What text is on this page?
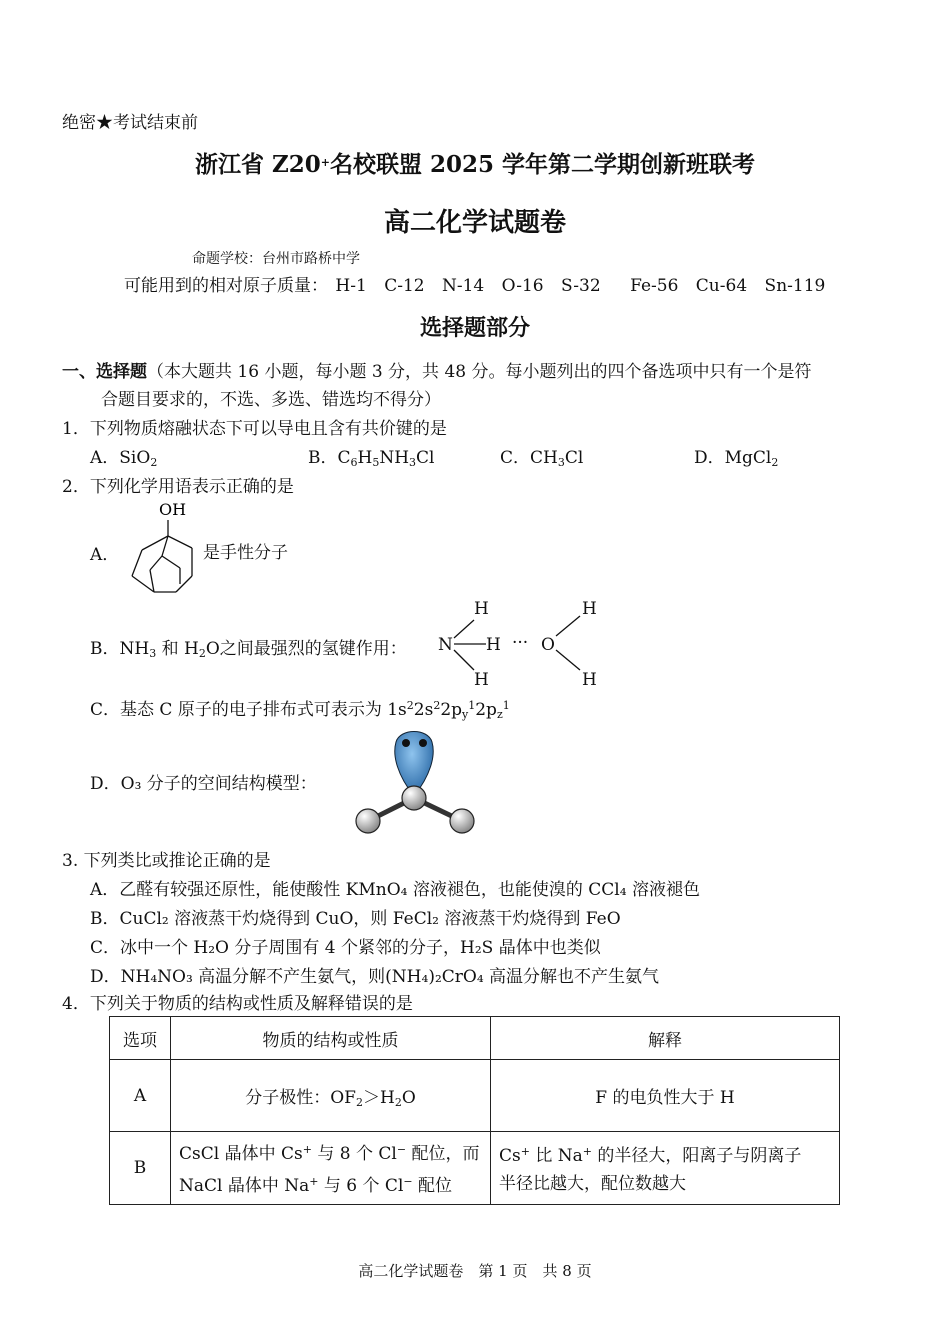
绝密★考试结束前
浙江省 Z20+名校联盟 2025 学年第二学期创新班联考
高二化学试题卷
命题学校：台州市路桥中学
可能用到的相对原子质量： H-1 C-12 N-14 O-16 S-32 Fe-56 Cu-64 Sn-119
选择题部分
一、选择题（本大题共 16 小题，每小题 3 分，共 48 分。每小题列出的四个备选项中只有一个是符
合题目要求的，不选、多选、错选均不得分）
1．下列物质熔融状态下可以导电且含有共价键的是
A．SiO$_2$	B．$C_6H_5NH_3Cl$	C．$CH_3Cl$	D．MgCl$_2$
2．下列化学用语表示正确的是
A．
OH
是手性分子
B．$NH_3$ 和 $H_2O$之间最强烈的氢键作用：
H
N H
H
··· O
H
H
C．基态 C 原子的电子排布式可表示为 $1s^22s^22p_y^12p_z^1$
D．O₃ 分子的空间结构模型：
3. 下列类比或推论正确的是
A．乙醛有较强还原性，能使酸性 KMnO₄ 溶液褪色，也能使溴的 CCl₄ 溶液褪色
B．CuCl₂ 溶液蒸干灼烧得到 CuO，则 FeCl₂ 溶液蒸干灼烧得到 FeO
C．冰中一个 H₂O 分子周围有 4 个紧邻的分子，H₂S 晶体中也类似
D．NH₄NO₃ 高温分解不产生氨气，则(NH₄)₂CrO₄ 高温分解也不产生氨气
4．下列关于物质的结构或性质及解释错误的是
选项	物质的结构或性质	解释
A	分子极性：$OF_2>H_2O$	F 的电负性大于 H
B	CsCl 晶体中 Cs+ 与 8 个 Cl− 配位，而
NaCl 晶体中 Na+ 与 6 个 Cl− 配位	Cs+ 比 Na+ 的半径大，阳离子与阴离子
半径比越大，配位数越大
高二化学试题卷　第 1 页　共 8 页
